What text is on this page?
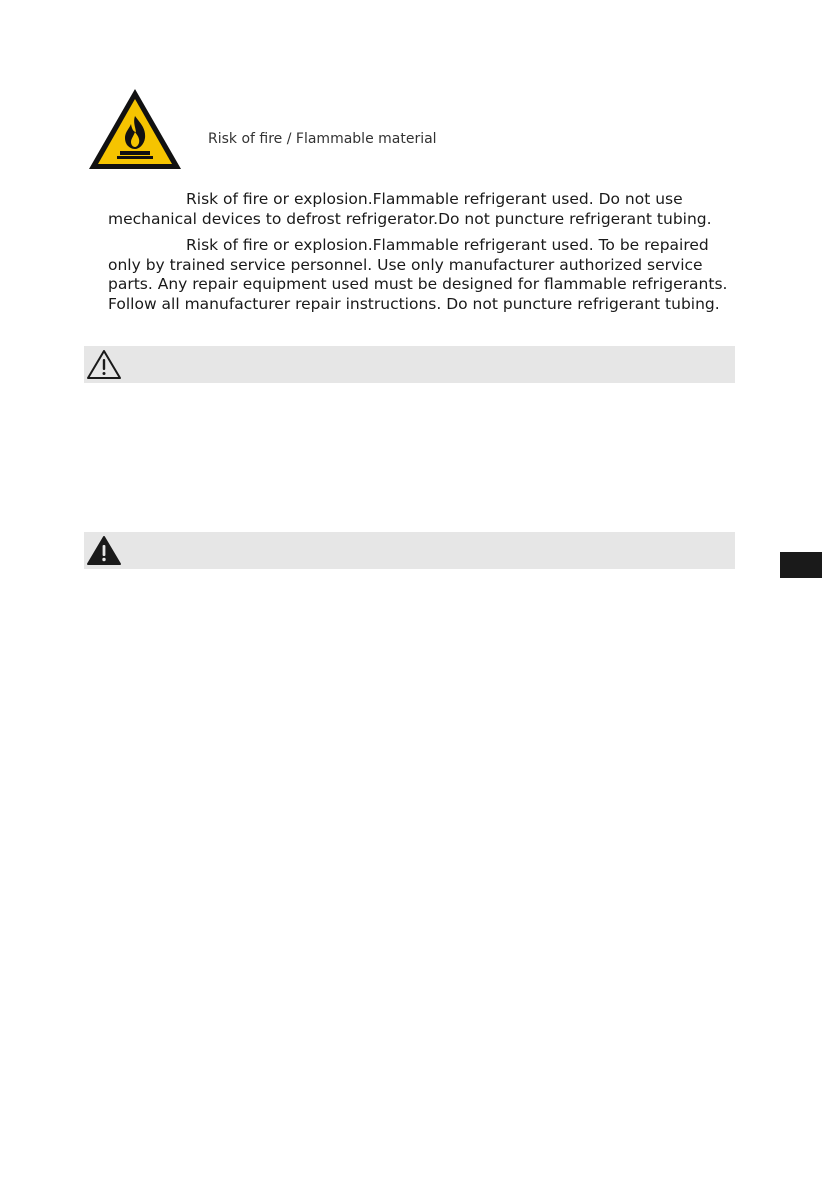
Risk of fire / Flammable material

Risk of fire or explosion.Flammable refrigerant used. Do not use
mechanical devices to defrost refrigerator.Do not puncture refrigerant tubing.

Risk of fire or explosion.Flammable refrigerant used. To be repaired
only by trained service personnel. Use only manufacturer authorized service
parts. Any repair equipment used must be designed for flammable refrigerants.
Follow all manufacturer repair instructions. Do not puncture refrigerant tubing.
